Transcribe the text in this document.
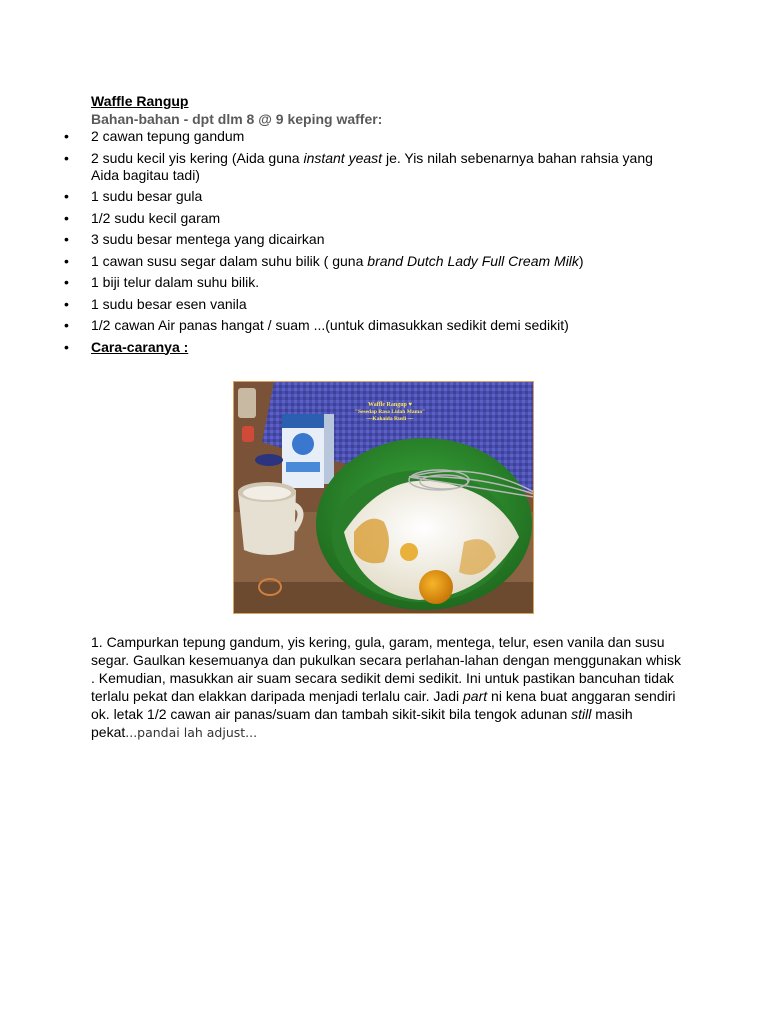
Waffle Rangup
Bahan-bahan - dpt dlm 8 @ 9 keping waffer:
• 2 cawan tepung gandum
• 2 sudu kecil yis kering (Aida guna instant yeast je. Yis nilah sebenarnya bahan rahsia yang Aida bagitau tadi)
• 1 sudu besar gula
• 1/2 sudu kecil garam
• 3 sudu besar mentega yang dicairkan
• 1 cawan susu segar dalam suhu bilik ( guna brand Dutch Lady Full Cream Milk)
• 1 biji telur dalam suhu bilik.
• 1 sudu besar esen vanila
• 1/2 cawan Air panas hangat / suam ...(untuk dimasukkan sedikit demi sedikit)
• Cara-caranya :
Waffle Rangup ♥
"Sesedap Rasa Lidah Mama"
~~Kakaida Rusli ~~
1. Campurkan tepung gandum, yis kering, gula, garam, mentega, telur, esen vanila dan susu segar. Gaulkan kesemuanya dan pukulkan secara perlahan-lahan dengan menggunakan whisk . Kemudian, masukkan air suam secara sedikit demi sedikit. Ini untuk pastikan bancuhan tidak terlalu pekat dan elakkan daripada menjadi terlalu cair. Jadi part ni kena buat anggaran sendiri ok. letak 1/2 cawan air panas/suam dan tambah sikit-sikit bila tengok adunan still masih pekat...pandai lah adjust...
